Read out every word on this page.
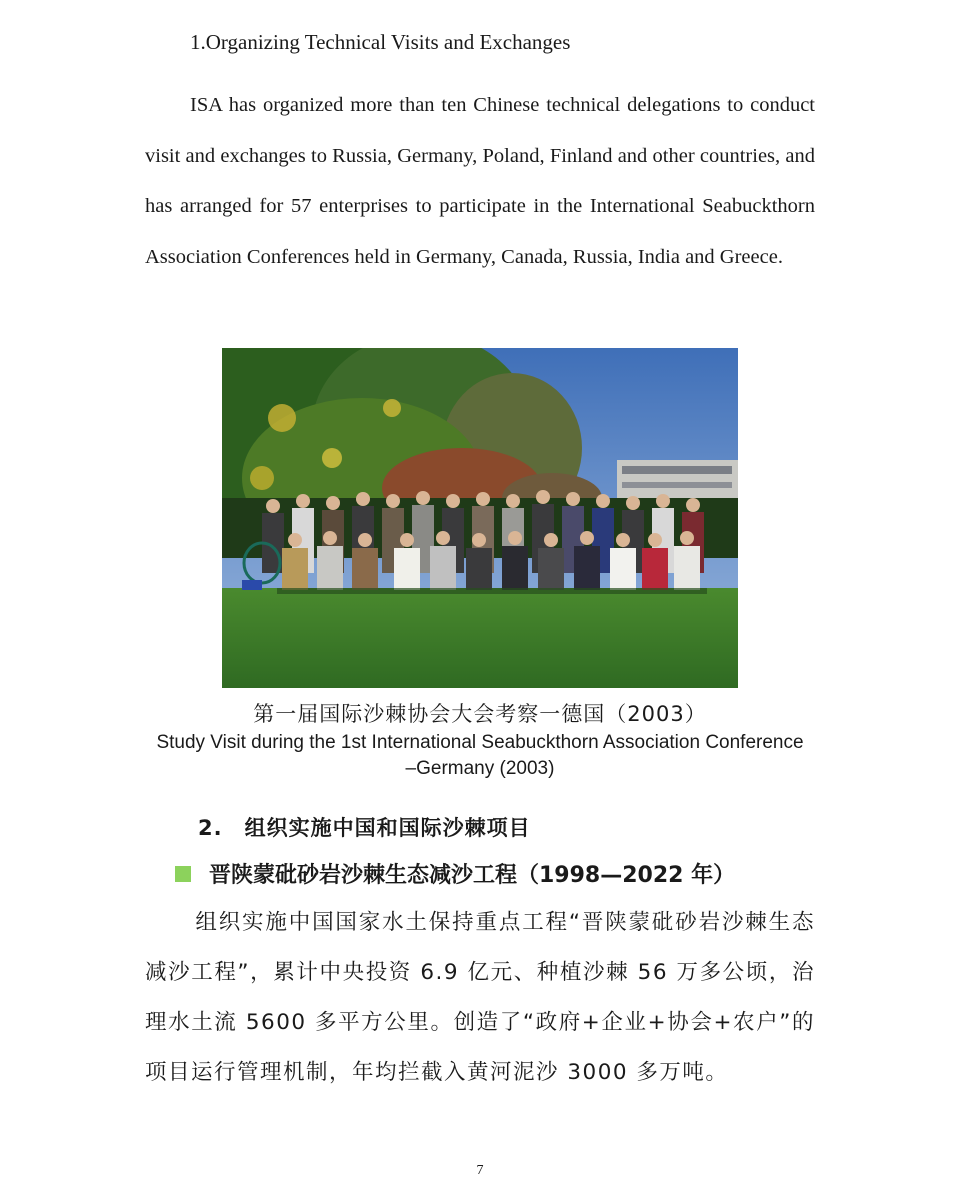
1.Organizing Technical Visits and Exchanges
ISA has organized more than ten Chinese technical delegations to conduct visit and exchanges to Russia, Germany, Poland, Finland and other countries, and has arranged for 57 enterprises to participate in the International Seabuckthorn Association Conferences held in Germany, Canada, Russia, India and Greece.
第一届国际沙棘协会大会考察一德国（2003）
Study Visit during the 1st International Seabuckthorn Association Conference
–Germany (2003)
2. 组织实施中国和国际沙棘项目
晋陕蒙砒砂岩沙棘生态减沙工程（1998—2022 年）
组织实施中国国家水土保持重点工程“晋陕蒙砒砂岩沙棘生态减沙工程”，累计中央投资 6.9 亿元、种植沙棘 56 万多公顷，治理水土流 5600 多平方公里。创造了“政府+企业+协会+农户”的项目运行管理机制，年均拦截入黄河泥沙 3000 多万吨。
7
